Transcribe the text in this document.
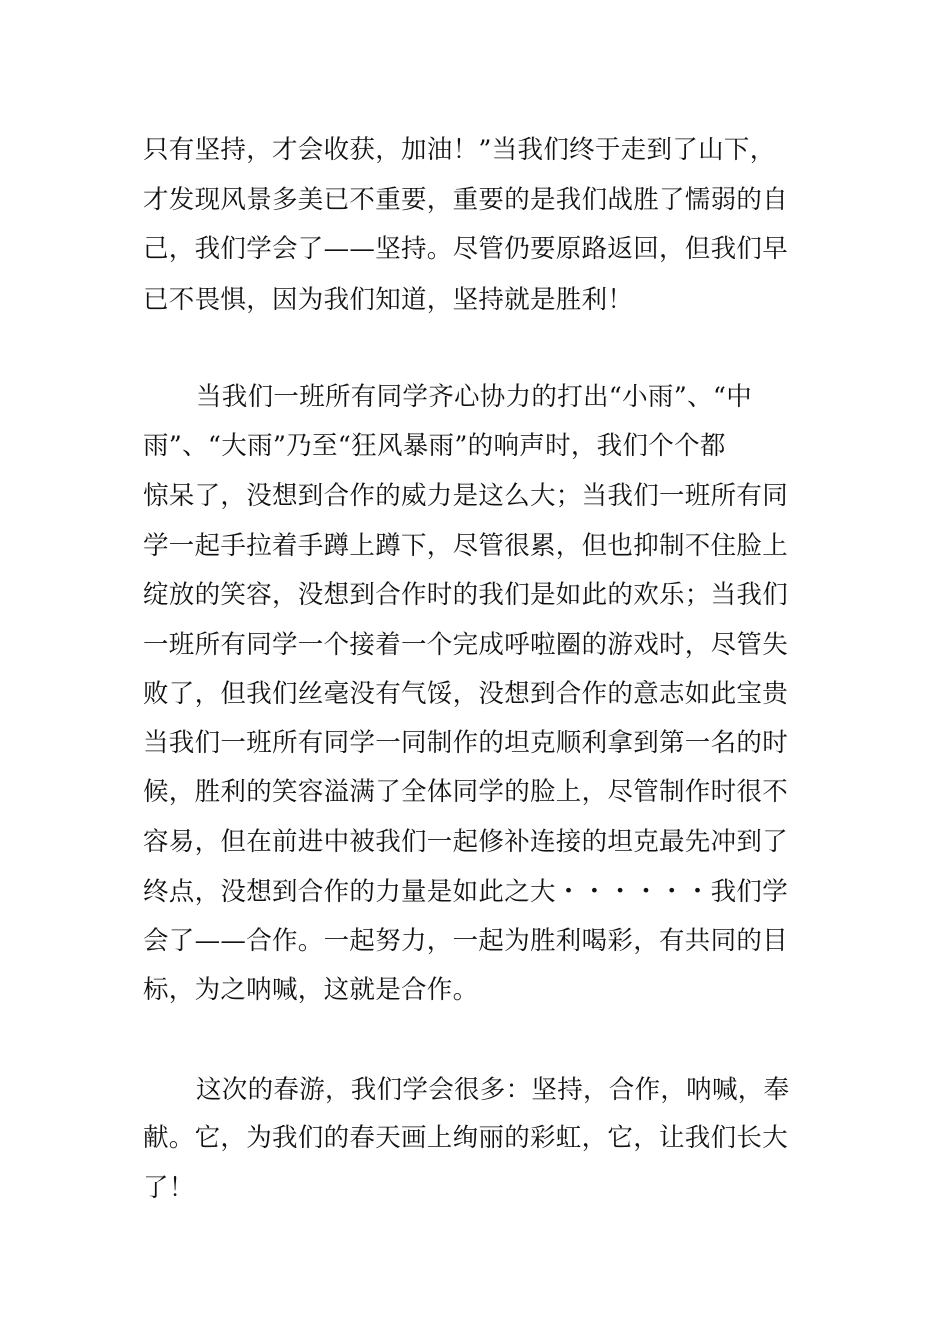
只有坚持，才会收获，加油！”当我们终于走到了山下，
才发现风景多美已不重要，重要的是我们战胜了懦弱的自
己，我们学会了——坚持。尽管仍要原路返回，但我们早
已不畏惧，因为我们知道，坚持就是胜利！
当我们一班所有同学齐心协力的打出“小雨”、“中
雨”、“大雨”乃至“狂风暴雨”的响声时，我们个个都
惊呆了，没想到合作的威力是这么大；当我们一班所有同
学一起手拉着手蹲上蹲下，尽管很累，但也抑制不住脸上
绽放的笑容，没想到合作时的我们是如此的欢乐；当我们
一班所有同学一个接着一个完成呼啦圈的游戏时，尽管失
败了，但我们丝毫没有气馁，没想到合作的意志如此宝贵
当我们一班所有同学一同制作的坦克顺利拿到第一名的时
候，胜利的笑容溢满了全体同学的脸上，尽管制作时很不
容易，但在前进中被我们一起修补连接的坦克最先冲到了
终点，没想到合作的力量是如此之大・・・・・・我们学
会了——合作。一起努力，一起为胜利喝彩，有共同的目
标，为之呐喊，这就是合作。
这次的春游，我们学会很多：坚持，合作，呐喊，奉
献。它，为我们的春天画上绚丽的彩虹，它，让我们长大
了！
